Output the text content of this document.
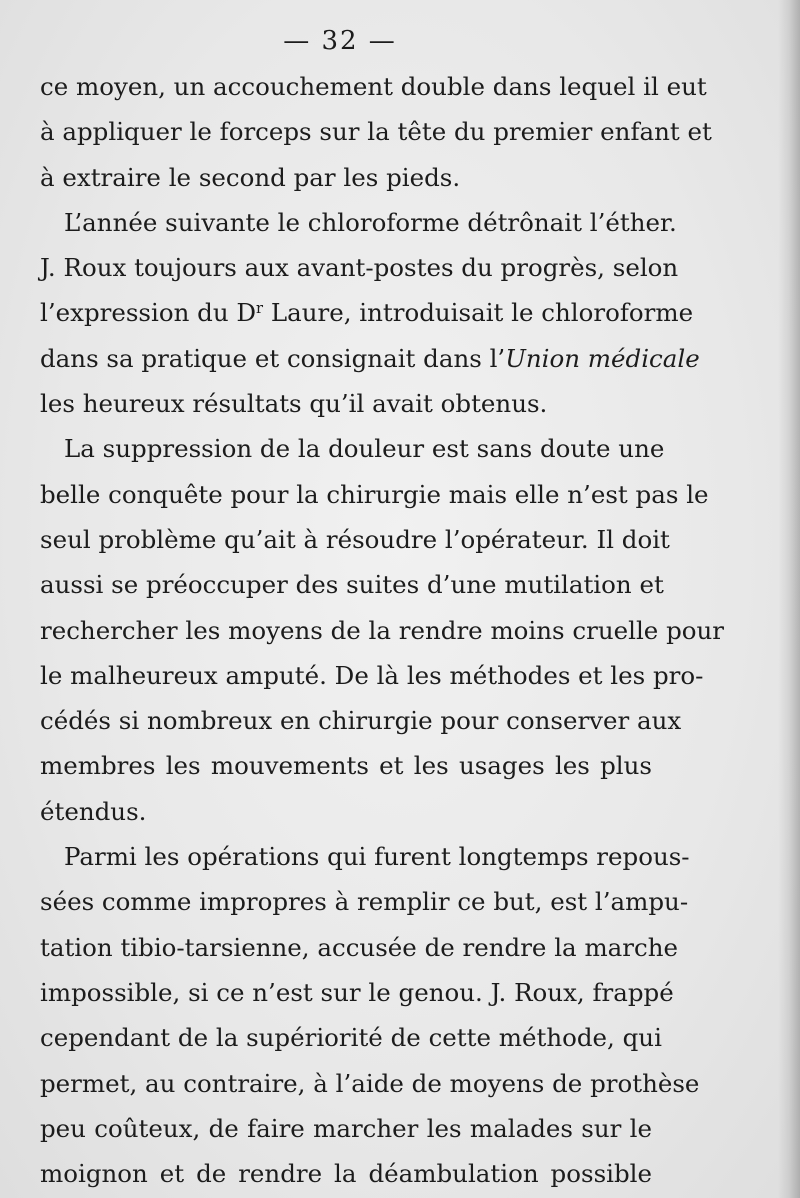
— 32 —
ce moyen, un accouchement double dans lequel il eut
à appliquer le forceps sur la tête du premier enfant et
à extraire le second par les pieds.
L’année suivante le chloroforme détrônait l’éther.
J. Roux toujours aux avant-postes du progrès, selon
l’expression du $D^r$ Laure, introduisait le chloroforme
dans sa pratique et consignait dans l’Union médicale
les heureux résultats qu’il avait obtenus.
La suppression de la douleur est sans doute une
belle conquête pour la chirurgie mais elle n’est pas le
seul problème qu’ait à résoudre l’opérateur. Il doit
aussi se préoccuper des suites d’une mutilation et
rechercher les moyens de la rendre moins cruelle pour
le malheureux amputé. De là les méthodes et les pro-
cédés si nombreux en chirurgie pour conserver aux
membres les mouvements et les usages les plus
étendus.
Parmi les opérations qui furent longtemps repous-
sées comme impropres à remplir ce but, est l’ampu-
tation tibio-tarsienne, accusée de rendre la marche
impossible, si ce n’est sur le genou. J. Roux, frappé
cependant de la supériorité de cette méthode, qui
permet, au contraire, à l’aide de moyens de prothèse
peu coûteux, de faire marcher les malades sur le
moignon et de rendre la déambulation possible
